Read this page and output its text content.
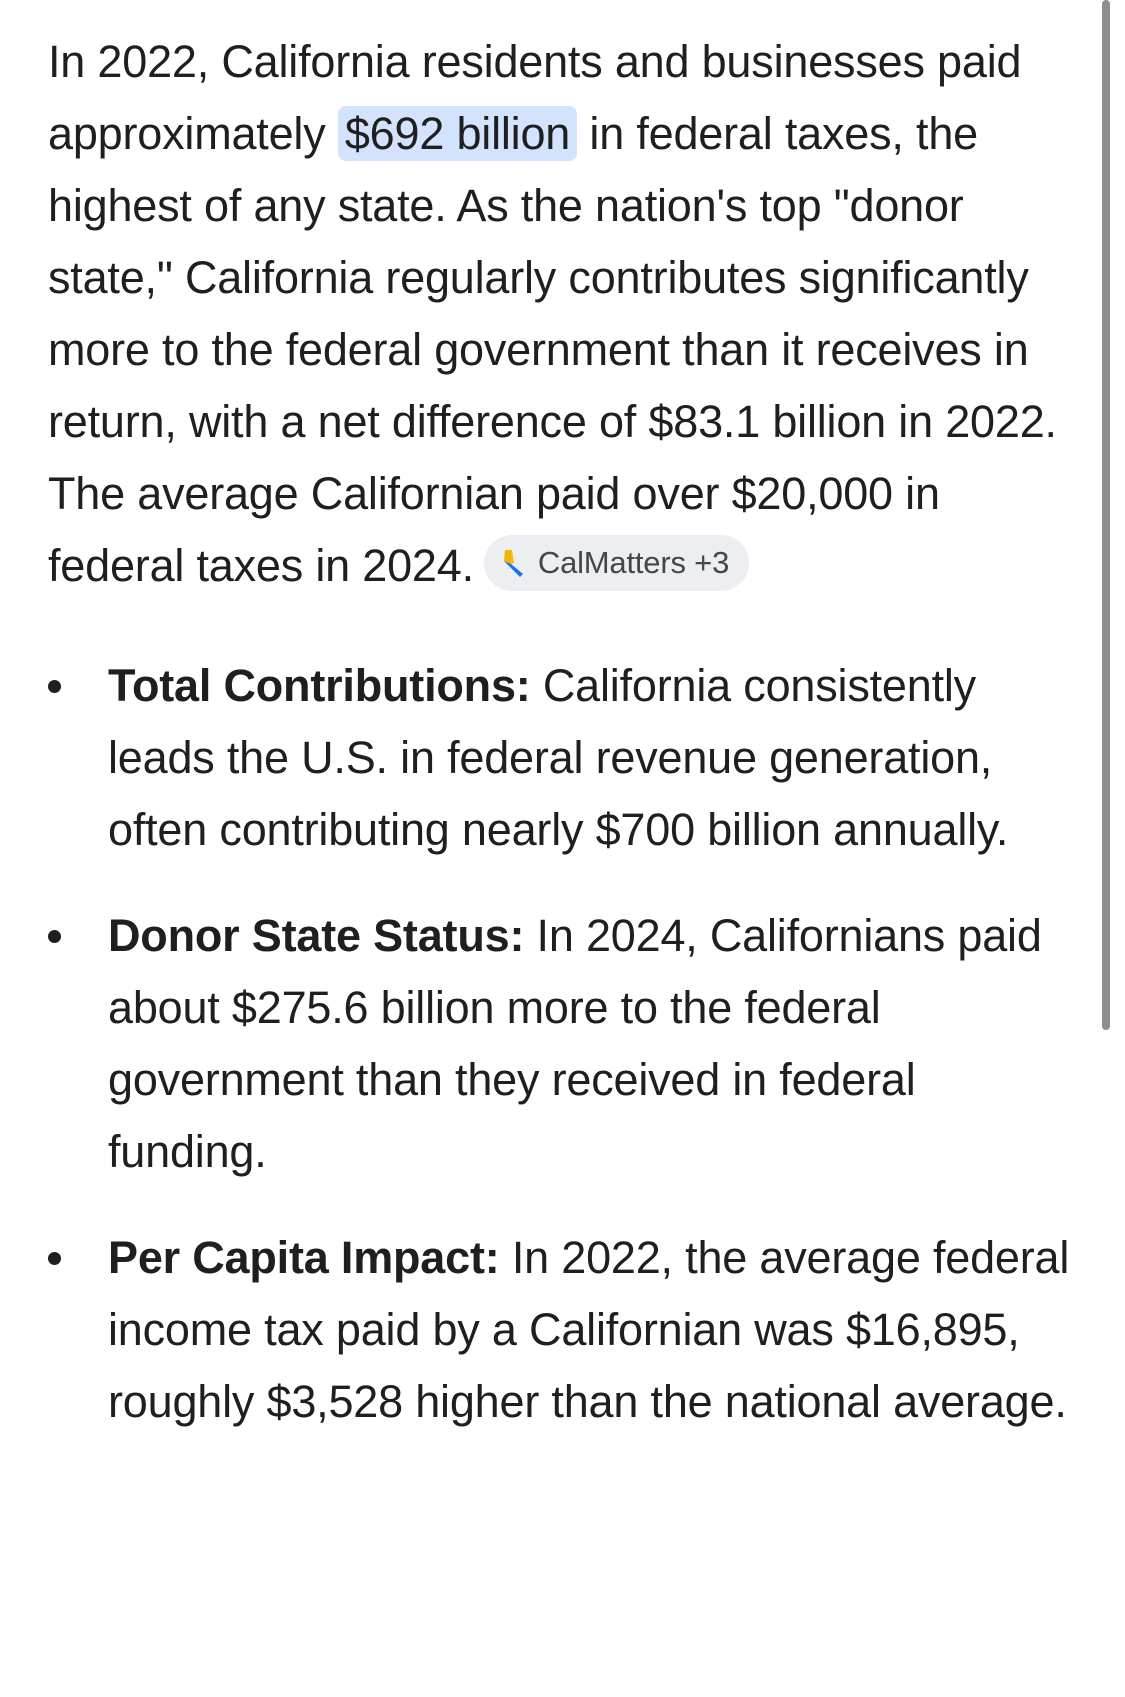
In 2022, California residents and businesses paid approximately $692 billion in federal taxes, the highest of any state. As the nation's top "donor state," California regularly contributes significantly more to the federal government than it receives in return, with a net difference of $83.1 billion in 2022. The average Californian paid over $20,000 in federal taxes in 2024. CalMatters +3

Total Contributions: California consistently leads the U.S. in federal revenue generation, often contributing nearly $700 billion annually.
Donor State Status: In 2024, Californians paid about $275.6 billion more to the federal government than they received in federal funding.
Per Capita Impact: In 2022, the average federal income tax paid by a Californian was $16,895, roughly $3,528 higher than the national average.
